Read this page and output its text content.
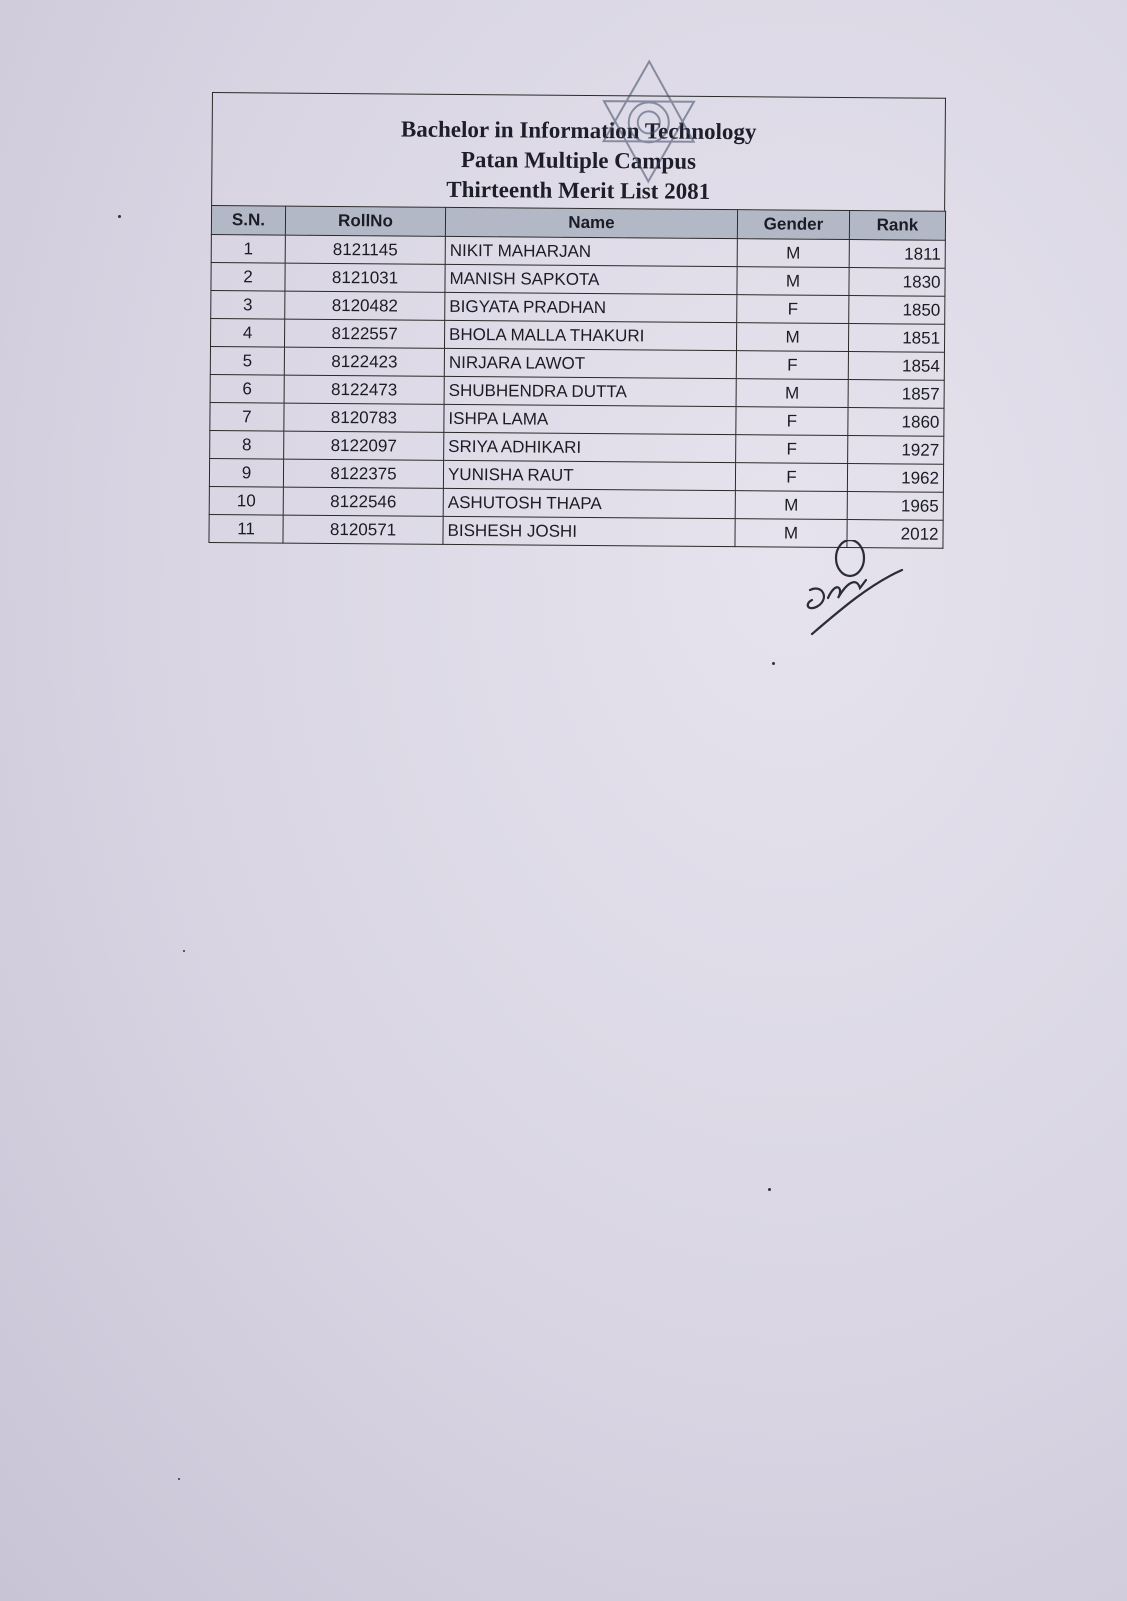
Bachelor in Information Technology
Patan Multiple Campus
Thirteenth Merit List 2081
S.N.	RollNo	Name	Gender	Rank
1	8121145	NIKIT MAHARJAN	M	1811
2	8121031	MANISH SAPKOTA	M	1830
3	8120482	BIGYATA PRADHAN	F	1850
4	8122557	BHOLA MALLA THAKURI	M	1851
5	8122423	NIRJARA LAWOT	F	1854
6	8122473	SHUBHENDRA DUTTA	M	1857
7	8120783	ISHPA LAMA	F	1860
8	8122097	SRIYA ADHIKARI	F	1927
9	8122375	YUNISHA RAUT	F	1962
10	8122546	ASHUTOSH THAPA	M	1965
11	8120571	BISHESH JOSHI	M	2012
